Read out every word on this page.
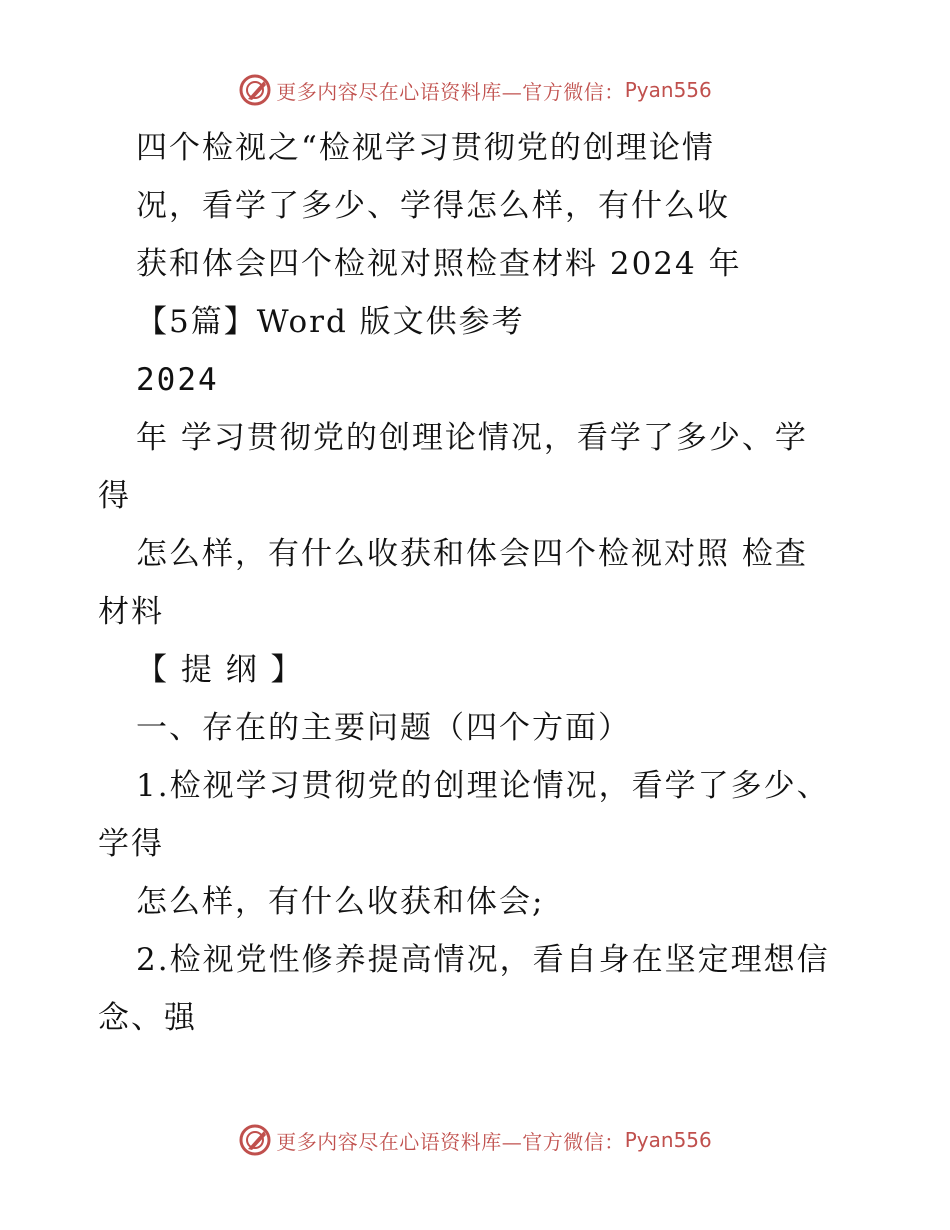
更多内容尽在心语资料库—官方微信： Pyan556
四个检视之“检视学习贯彻党的创理论情
况，看学了多少、学得怎么样，有什么收
获和体会四个检视对照检查材料 2024 年
【5篇】Word 版文供参考
2024
年 学习贯彻党的创理论情况，看学了多少、学
得
怎么样，有什么收获和体会四个检视对照 检查
材料
【 提 纲 】
一、存在的主要问题（四个方面）
1.检视学习贯彻党的创理论情况，看学了多少、
学得
怎么样，有什么收获和体会;
2.检视党性修养提高情况，看自身在坚定理想信
念、强
更多内容尽在心语资料库—官方微信： Pyan556
